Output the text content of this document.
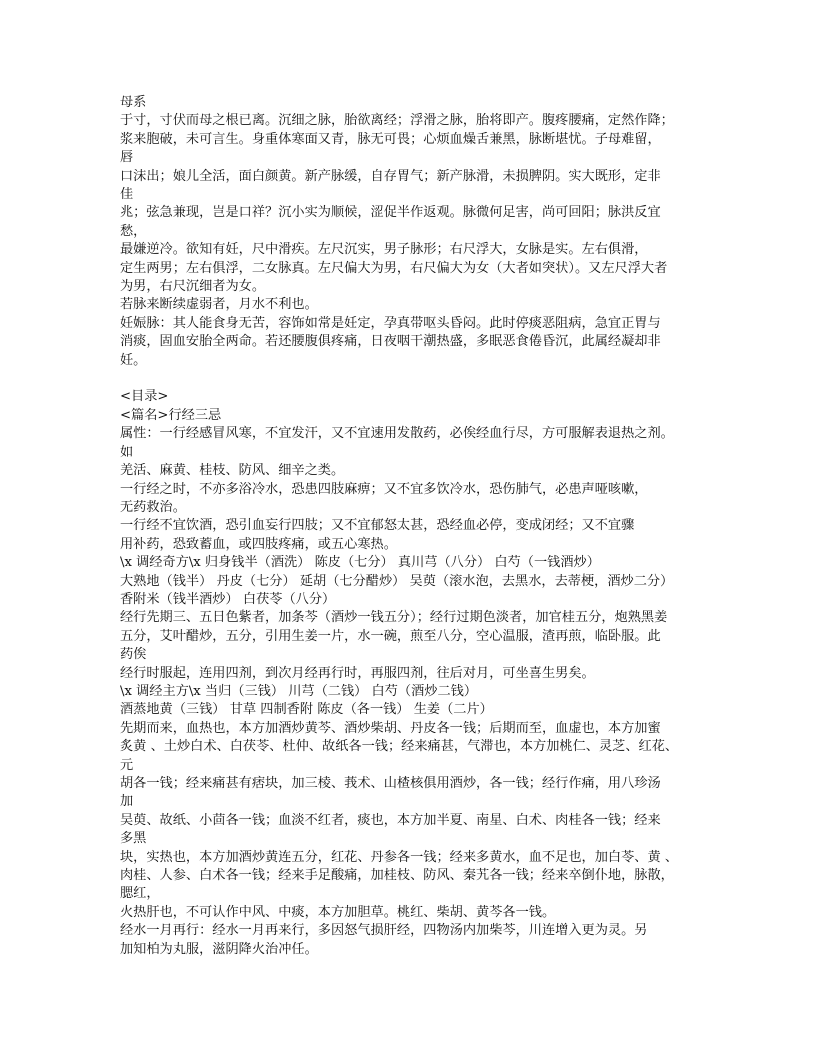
母系
于寸，寸伏而母之根已离。沉细之脉，胎欲离经；浮滑之脉，胎将即产。腹疼腰痛，定然作降；
浆来胞破，未可言生。身重体寒面又青，脉无可畏；心烦血燥舌兼黑，脉断堪忧。子母难留，
唇
口沫出；娘儿全活，面白颜黄。新产脉缓，自存胃气；新产脉滑，未损脾阴。实大既形，定非
佳
兆；弦急兼现，岂是口祥？沉小实为顺候，涩促半作返观。脉微何足害，尚可回阳；脉洪反宜
愁，
最嫌逆冷。欲知有妊，尺中滑疾。左尺沉实，男子脉形；右尺浮大，女脉是实。左右俱滑，
定生两男；左右俱浮，二女脉真。左尺偏大为男，右尺偏大为女（大者如突状）。又左尺浮大者
为男，右尺沉细者为女。
若脉来断续虚弱者，月水不利也。
妊娠脉：其人能食身无苦，容饰如常是妊定，孕真带呕头昏闷。此时停痰恶阻病，急宜正胃与
消痰，固血安胎全两命。若还腰腹俱疼痛，日夜咽干潮热盛，多眠恶食倦昏沉，此属经凝却非
妊。
<目录>
<篇名>行经三忌
属性：一行经感冒风寒，不宜发汗，又不宜速用发散药，必俟经血行尽，方可服解表退热之剂。
如
羌活、麻黄、桂枝、防风、细辛之类。
一行经之时，不亦多浴冷水，恐患四肢麻痹；又不宜多饮冷水，恐伤肺气，必患声哑咳嗽，
无药救治。
一行经不宜饮酒，恐引血妄行四肢；又不宜郁怒太甚，恐经血必停，变成闭经；又不宜骤
用补药，恐致蓄血，或四肢疼痛，或五心寒热。
\x 调经奇方\x 归身钱半（酒洗） 陈皮（七分） 真川芎（八分） 白芍（一钱酒炒）
大熟地（钱半） 丹皮（七分） 延胡（七分醋炒） 吴萸（滚水泡，去黑水，去蒂梗，酒炒二分）
香附米（钱半酒炒） 白茯苓（八分）
经行先期三、五日色紫者，加条芩（酒炒一钱五分）；经行过期色淡者，加官桂五分，炮熟黑姜
五分，艾叶醋炒，五分，引用生姜一片，水一碗，煎至八分，空心温服，渣再煎，临卧服。此
药俟
经行时服起，连用四剂，到次月经再行时，再服四剂，往后对月，可坐喜生男矣。
\x 调经主方\x 当归（三钱） 川芎（二钱） 白芍（酒炒二钱）
酒蒸地黄（三钱） 甘草 四制香附 陈皮（各一钱） 生姜（二片）
先期而来，血热也，本方加酒炒黄芩、酒炒柴胡、丹皮各一钱；后期而至，血虚也，本方加蜜
炙黄 、土炒白术、白茯苓、杜仲、故纸各一钱；经来痛甚，气滞也，本方加桃仁、灵芝、红花、
元
胡各一钱；经来痛甚有痞块，加三棱、莪术、山楂核俱用酒炒，各一钱；经行作痛，用八珍汤
加
吴萸、故纸、小茴各一钱；血淡不红者，痰也，本方加半夏、南星、白术、肉桂各一钱；经来
多黑
块，实热也，本方加酒炒黄连五分，红花、丹参各一钱；经来多黄水，血不足也，加白苓、黄 、
肉桂、人参、白术各一钱；经来手足酸痛，加桂枝、防风、秦艽各一钱；经来卒倒仆地，脉散，
腮红，
火热肝也，不可认作中风、中痰，本方加胆草。桃红、柴胡、黄芩各一钱。
经水一月再行：经水一月再来行，多因怒气损肝经，四物汤内加柴芩，川连增入更为灵。另
加知柏为丸服，滋阴降火治冲任。
